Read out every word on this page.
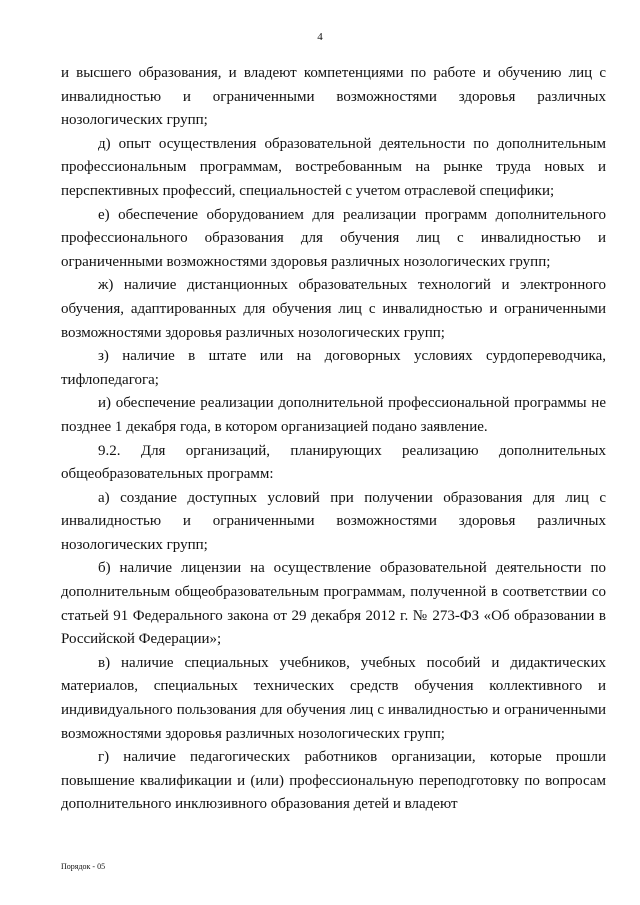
4

и высшего образования, и владеют компетенциями по работе и обучению лиц с инвалидностью и ограниченными возможностями здоровья различных нозологических групп;

д) опыт осуществления образовательной деятельности по дополнительным профессиональным программам, востребованным на рынке труда новых и перспективных профессий, специальностей с учетом отраслевой специфики;

е) обеспечение оборудованием для реализации программ дополнительного профессионального образования для обучения лиц с инвалидностью и ограниченными возможностями здоровья различных нозологических групп;

ж) наличие дистанционных образовательных технологий и электронного обучения, адаптированных для обучения лиц с инвалидностью и ограниченными возможностями здоровья различных нозологических групп;

з) наличие в штате или на договорных условиях сурдопереводчика, тифлопедагога;

и) обеспечение реализации дополнительной профессиональной программы не позднее 1 декабря года, в котором организацией подано заявление.

9.2. Для организаций, планирующих реализацию дополнительных общеобразовательных программ:

а) создание доступных условий при получении образования для лиц с инвалидностью и ограниченными возможностями здоровья различных нозологических групп;

б) наличие лицензии на осуществление образовательной деятельности по дополнительным общеобразовательным программам, полученной в соответствии со статьей 91 Федерального закона от 29 декабря 2012 г. № 273-ФЗ «Об образовании в Российской Федерации»;

в) наличие специальных учебников, учебных пособий и дидактических материалов, специальных технических средств обучения коллективного и индивидуального пользования для обучения лиц с инвалидностью и ограниченными возможностями здоровья различных нозологических групп;

г) наличие педагогических работников организации, которые прошли повышение квалификации и (или) профессиональную переподготовку по вопросам дополнительного инклюзивного образования детей и владеют

Порядок - 05
